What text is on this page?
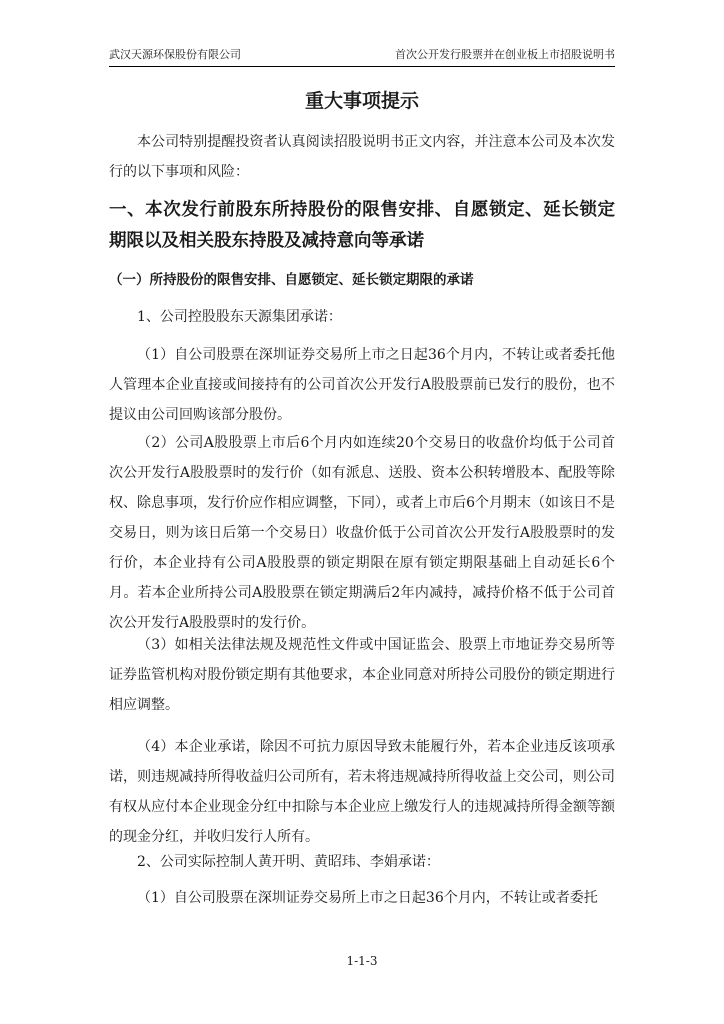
武汉天源环保股份有限公司	首次公开发行股票并在创业板上市招股说明书
重大事项提示

本公司特别提醒投资者认真阅读招股说明书正文内容，并注意本公司及本次发行的以下事项和风险：

一、本次发行前股东所持股份的限售安排、自愿锁定、延长锁定期限以及相关股东持股及减持意向等承诺

（一）所持股份的限售安排、自愿锁定、延长锁定期限的承诺

1、公司控股股东天源集团承诺：

（1）自公司股票在深圳证券交易所上市之日起36个月内，不转让或者委托他人管理本企业直接或间接持有的公司首次公开发行A股股票前已发行的股份，也不提议由公司回购该部分股份。

（2）公司A股股票上市后6个月内如连续20个交易日的收盘价均低于公司首次公开发行A股股票时的发行价（如有派息、送股、资本公积转增股本、配股等除权、除息事项，发行价应作相应调整，下同），或者上市后6个月期末（如该日不是交易日，则为该日后第一个交易日）收盘价低于公司首次公开发行A股股票时的发行价，本企业持有公司A股股票的锁定期限在原有锁定期限基础上自动延长6个月。若本企业所持公司A股股票在锁定期满后2年内减持，减持价格不低于公司首次公开发行A股股票时的发行价。

（3）如相关法律法规及规范性文件或中国证监会、股票上市地证券交易所等证券监管机构对股份锁定期有其他要求，本企业同意对所持公司股份的锁定期进行相应调整。

（4）本企业承诺，除因不可抗力原因导致未能履行外，若本企业违反该项承诺，则违规减持所得收益归公司所有，若未将违规减持所得收益上交公司，则公司有权从应付本企业现金分红中扣除与本企业应上缴发行人的违规减持所得金额等额的现金分红，并收归发行人所有。

2、公司实际控制人黄开明、黄昭玮、李娟承诺：

（1）自公司股票在深圳证券交易所上市之日起36个月内，不转让或者委托

1-1-3
